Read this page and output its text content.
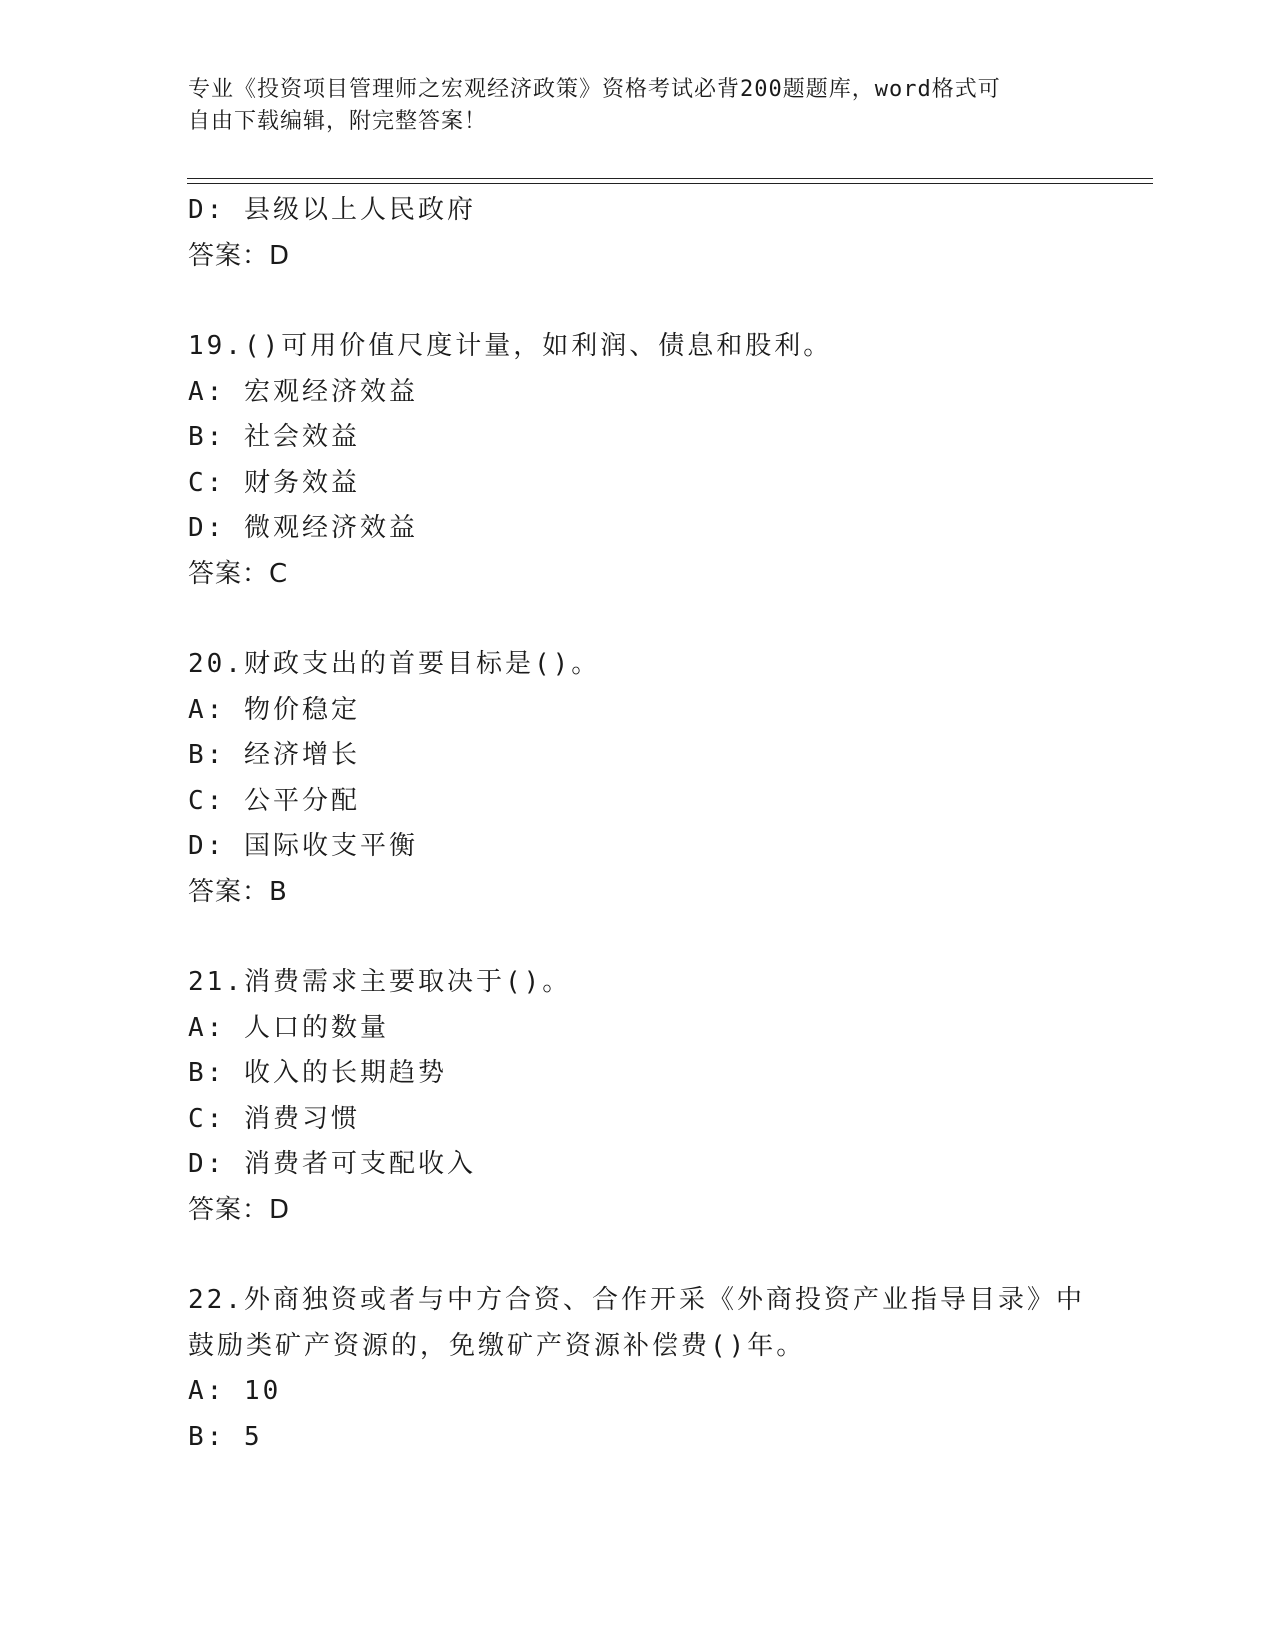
专业《投资项目管理师之宏观经济政策》资格考试必背200题题库，word格式可
自由下载编辑，附完整答案！
D: 县级以上人民政府
答案：D
19.()可用价值尺度计量，如利润、债息和股利。
A: 宏观经济效益
B: 社会效益
C: 财务效益
D: 微观经济效益
答案：C
20.财政支出的首要目标是()。
A: 物价稳定
B: 经济增长
C: 公平分配
D: 国际收支平衡
答案：B
21.消费需求主要取决于()。
A: 人口的数量
B: 收入的长期趋势
C: 消费习惯
D: 消费者可支配收入
答案：D
22.外商独资或者与中方合资、合作开采《外商投资产业指导目录》中
鼓励类矿产资源的，免缴矿产资源补偿费()年。
A: 10
B: 5
